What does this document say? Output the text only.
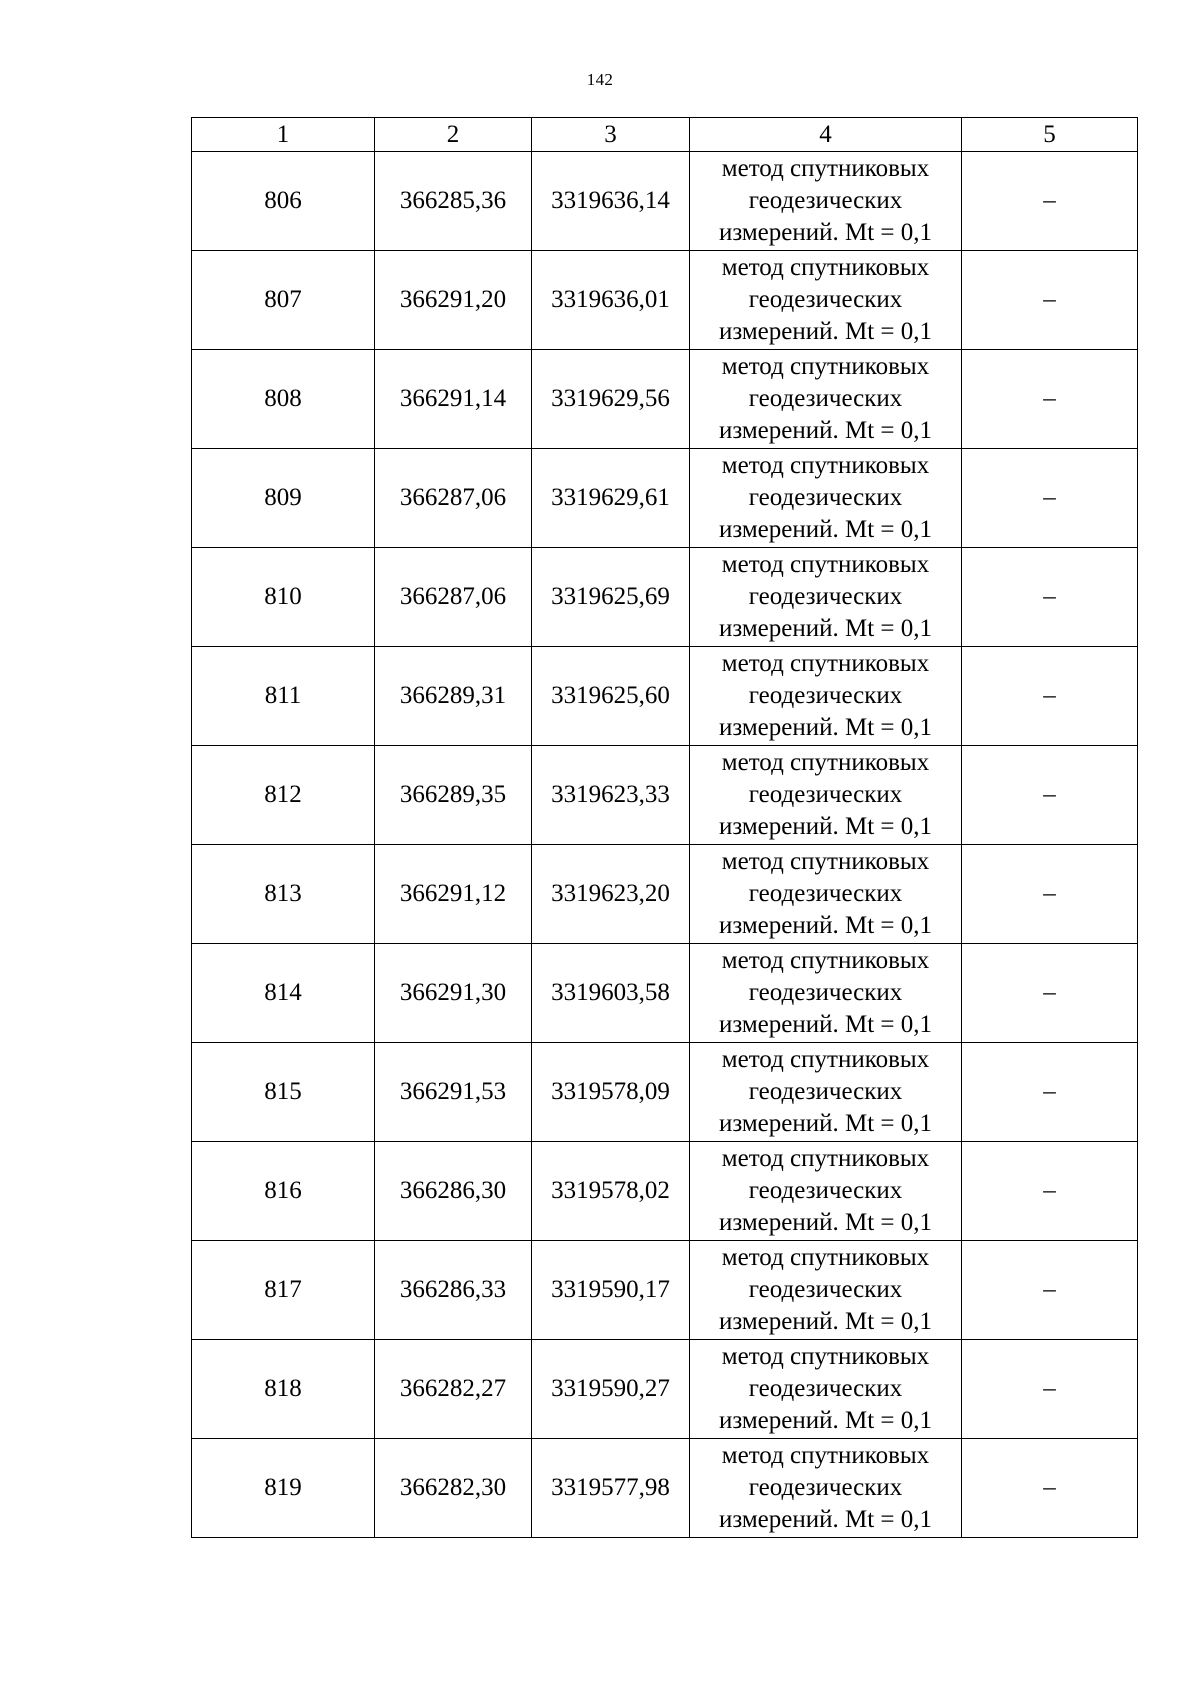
142
1	2	3	4	5
806	366285,36	3319636,14	метод спутниковых
геодезических
измерений. Mt = 0,1	–
807	366291,20	3319636,01	метод спутниковых
геодезических
измерений. Mt = 0,1	–
808	366291,14	3319629,56	метод спутниковых
геодезических
измерений. Mt = 0,1	–
809	366287,06	3319629,61	метод спутниковых
геодезических
измерений. Mt = 0,1	–
810	366287,06	3319625,69	метод спутниковых
геодезических
измерений. Mt = 0,1	–
811	366289,31	3319625,60	метод спутниковых
геодезических
измерений. Mt = 0,1	–
812	366289,35	3319623,33	метод спутниковых
геодезических
измерений. Mt = 0,1	–
813	366291,12	3319623,20	метод спутниковых
геодезических
измерений. Mt = 0,1	–
814	366291,30	3319603,58	метод спутниковых
геодезических
измерений. Mt = 0,1	–
815	366291,53	3319578,09	метод спутниковых
геодезических
измерений. Mt = 0,1	–
816	366286,30	3319578,02	метод спутниковых
геодезических
измерений. Mt = 0,1	–
817	366286,33	3319590,17	метод спутниковых
геодезических
измерений. Mt = 0,1	–
818	366282,27	3319590,27	метод спутниковых
геодезических
измерений. Mt = 0,1	–
819	366282,30	3319577,98	метод спутниковых
геодезических
измерений. Mt = 0,1	–
